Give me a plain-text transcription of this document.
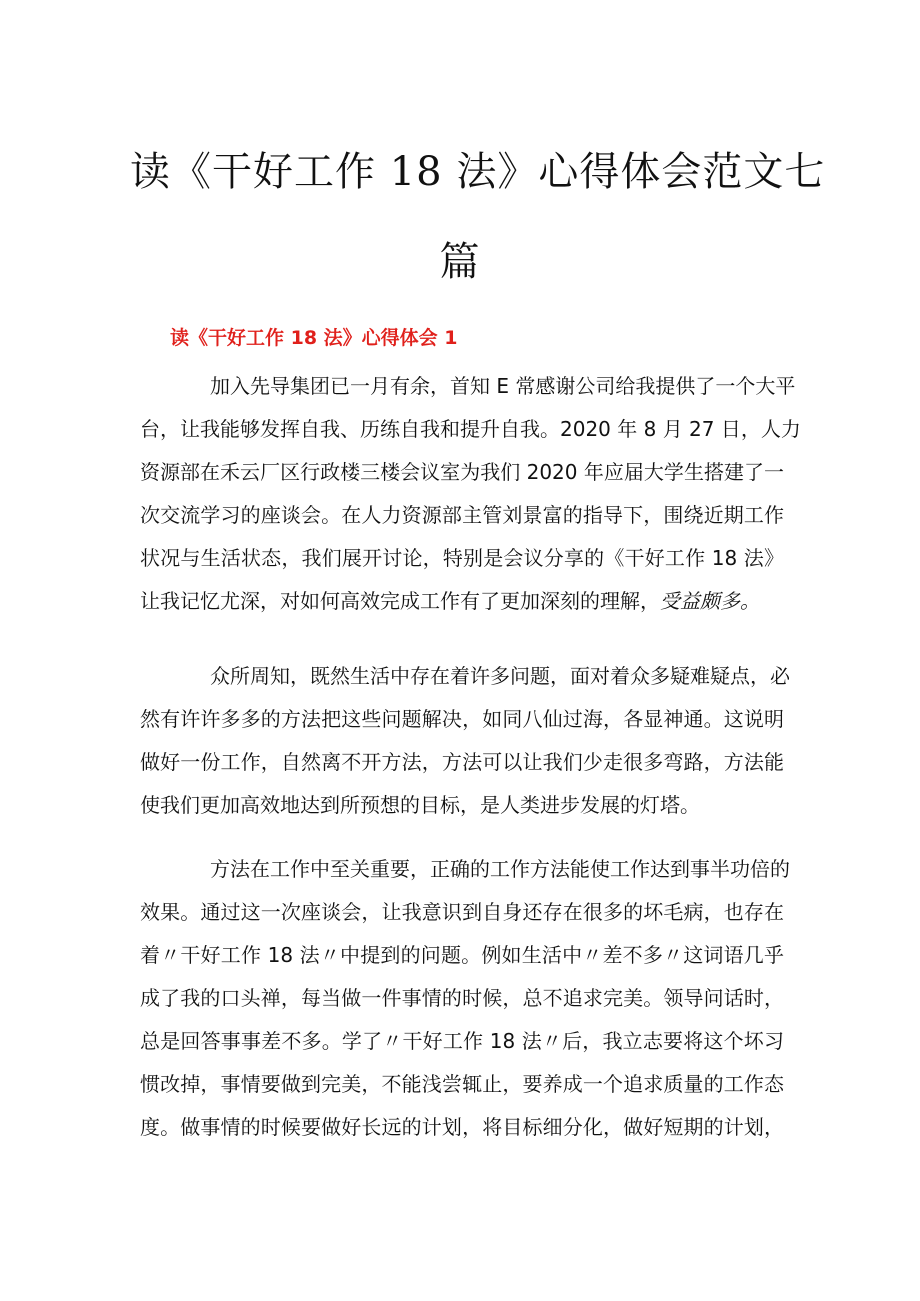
读《干好工作 18 法》心得体会范文七
篇
读《干好工作 18 法》心得体会 1
加入先导集团已一月有余，首知 E 常感谢公司给我提供了一个大平
台，让我能够发挥自我、历练自我和提升自我。2020 年 8 月 27 日，人力
资源部在禾云厂区行政楼三楼会议室为我们 2020 年应届大学生搭建了一
次交流学习的座谈会。在人力资源部主管刘景富的指导下，围绕近期工作
状况与生活状态，我们展开讨论，特别是会议分享的《干好工作 18 法》
让我记忆尤深，对如何高效完成工作有了更加深刻的理解，受益颇多。
众所周知，既然生活中存在着许多问题，面对着众多疑难疑点，必
然有许许多多的方法把这些问题解决，如同八仙过海，各显神通。这说明
做好一份工作，自然离不开方法，方法可以让我们少走很多弯路，方法能
使我们更加高效地达到所预想的目标，是人类进步发展的灯塔。
方法在工作中至关重要，正确的工作方法能使工作达到事半功倍的
效果。通过这一次座谈会，让我意识到自身还存在很多的坏毛病，也存在
着〃干好工作 18 法〃中提到的问题。例如生活中〃差不多〃这词语几乎
成了我的口头禅，每当做一件事情的时候，总不追求完美。领导问话时，
总是回答事事差不多。学了〃干好工作 18 法〃后，我立志要将这个坏习
惯改掉，事情要做到完美，不能浅尝辄止，要养成一个追求质量的工作态
度。做事情的时候要做好长远的计划，将目标细分化，做好短期的计划，
